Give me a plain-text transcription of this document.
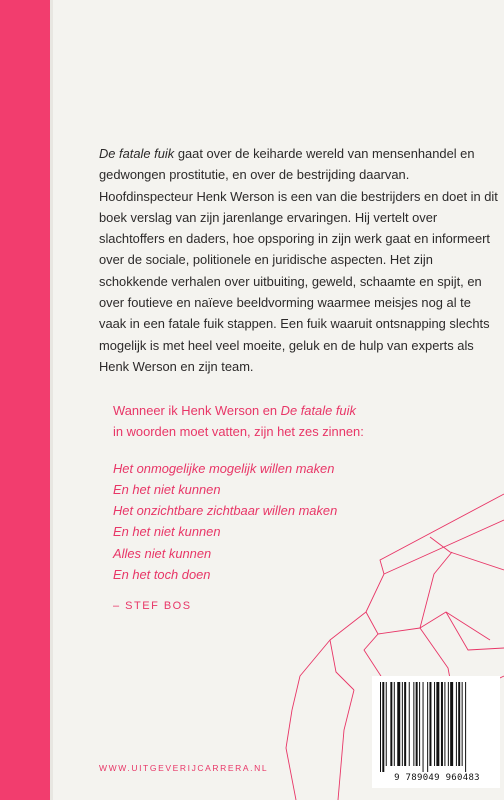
De fatale fuik gaat over de keiharde wereld van mensenhandel en gedwongen prostitutie, en over de bestrijding daarvan. Hoofdinspecteur Henk Werson is een van die bestrijders en doet in dit boek verslag van zijn jarenlange ervaringen. Hij vertelt over slachtoffers en daders, hoe opsporing in zijn werk gaat en informeert over de sociale, politionele en juridische aspecten. Het zijn schokkende verhalen over uitbuiting, geweld, schaamte en spijt, en over foutieve en naïeve beeldvorming waarmee meisjes nog al te vaak in een fatale fuik stappen. Een fuik waaruit ontsnapping slechts mogelijk is met heel veel moeite, geluk en de hulp van experts als Henk Werson en zijn team.

Wanneer ik Henk Werson en De fatale fuik
in woorden moet vatten, zijn het zes zinnen:
Het onmogelijke mogelijk willen maken
En het niet kunnen
Het onzichtbare zichtbaar willen maken
En het niet kunnen
Alles niet kunnen
En het toch doen
– STEF BOS
WWW.UITGEVERIJCARRERA.NL
9 789049 960483
